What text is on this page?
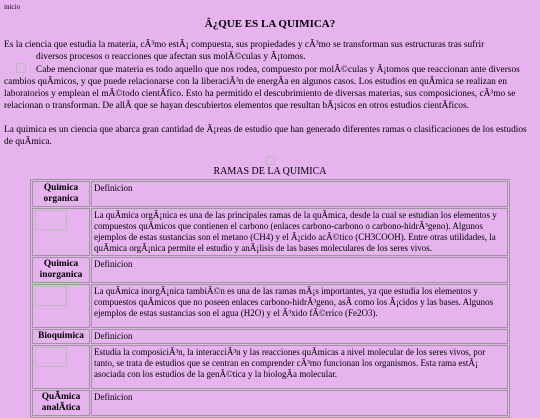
inicio
Â¿QUE ES LA QUIMICA?
Es la ciencia que estudia la materia, cÃ³mo estÃ¡ compuesta, sus propiedades y cÃ³mo se transforman sus estructuras tras sufrir
diversos procesos o reacciones que afectan sus molÃ©culas y Ã¡tomos.
Cabe mencionar que materia es todo aquello que nos rodea, compuesto por molÃ©culas y Ã¡tomos que reaccionan ante diversos cambios quÃmicos, y que puede relacionarse con la liberaciÃ³n de energÃa en algunos casos. Los estudios en quÃmica se realizan en laboratorios y emplean el mÃ©todo cientÃfico. Esto ha permitido el descubrimiento de diversas materias, sus composiciones, cÃ³mo se relacionan o transforman. De allÃ que se hayan descubiertos elementos que resultan bÃ¡sicos en otros estudios cientÃficos.
La quimica es un ciencia que abarca gran cantidad de Ã¡reas de estudio que han generado diferentes ramas o clasificaciones de los estudios de quÃmica.
RAMAS DE LA QUIMICA
Quimica organica	Definicion

	La quÃmica orgÃ¡nica es una de las principales ramas de la quÃmica, desde la cual se estudian los elementos y compuestos quÃmicos que contienen el carbono (enlaces carbono-carbono o carbono-hidrÃ³geno). Algunos ejemplos de estas sustancias son el metano (CH4) y el Ã¡cido acÃ©tico (CH3COOH). Entre otras utilidades, la quÃmica orgÃ¡nica permite el estudio y anÃ¡lisis de las bases moleculares de los seres vivos.
Quimica inorganica	Definicion

	La quÃmica inorgÃ¡nica tambiÃ©n es una de las ramas mÃ¡s importantes, ya que estudia los elementos y compuestos quÃmicos que no poseen enlaces carbono-hidrÃ³geno, asÃ como los Ã¡cidos y las bases. Algunos ejemplos de estas sustancias son el agua (H2O) y el Ã³xido fÃ©rrico (Fe2O3).
Bioquimica	Definicion

	Estudia la composiciÃ³n, la interacciÃ³n y las reacciones quÃmicas a nivel molecular de los seres vivos, por tanto, se trata de estudios que se centran en comprender cÃ³mo funcionan los organismos. Esta rama estÃ¡ asociada con los estudios de la genÃ©tica y la biologÃa molecular.
QuÃmica analÃtica	Definicion
